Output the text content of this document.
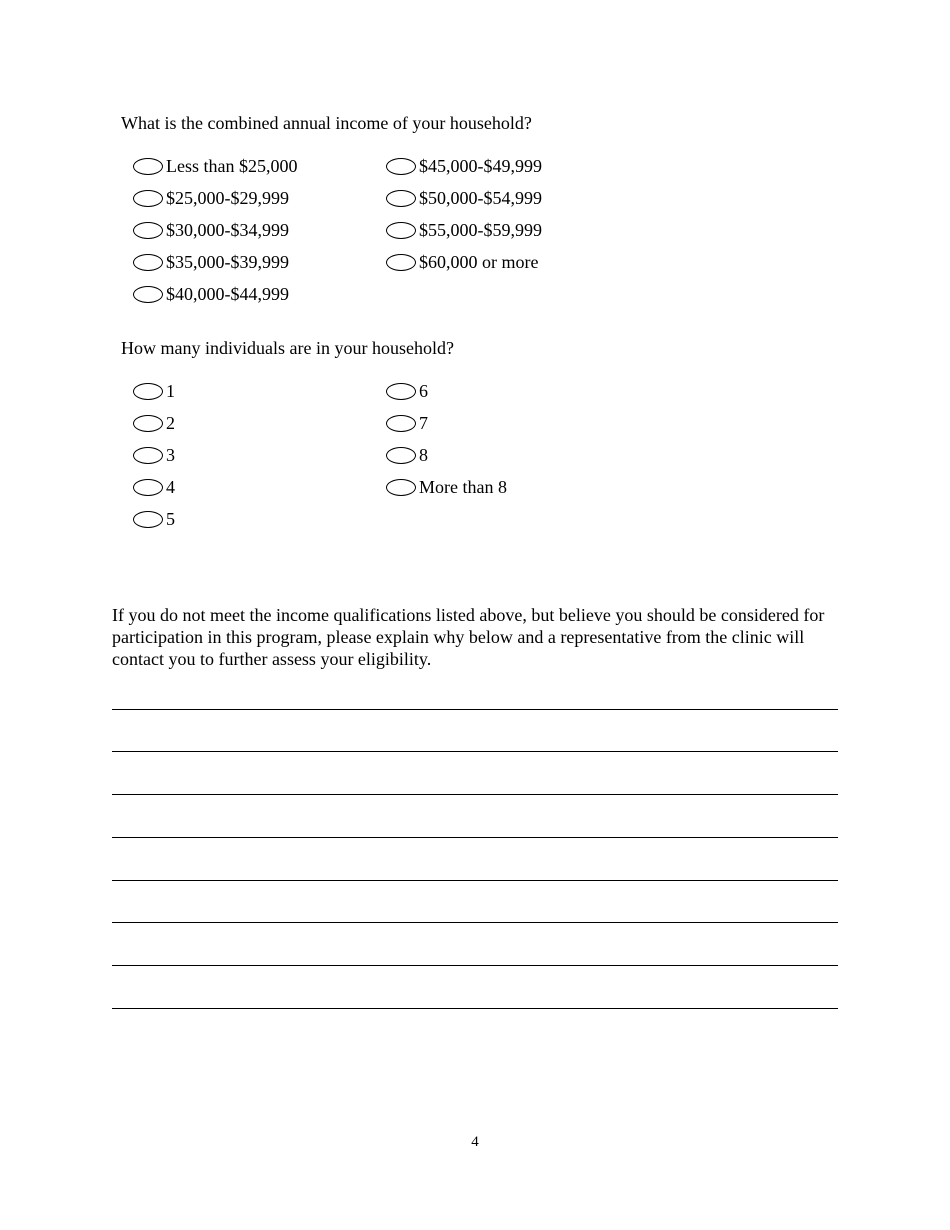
What is the combined annual income of your household?
Less than $25,000
$25,000-$29,999
$30,000-$34,999
$35,000-$39,999
$40,000-$44,999
$45,000-$49,999
$50,000-$54,999
$55,000-$59,999
$60,000 or more
How many individuals are in your household?
1
2
3
4
5
6
7
8
More than 8
If you do not meet the income qualifications listed above, but believe you should be considered for participation in this program, please explain why below and a representative from the clinic will contact you to further assess your eligibility.
4
